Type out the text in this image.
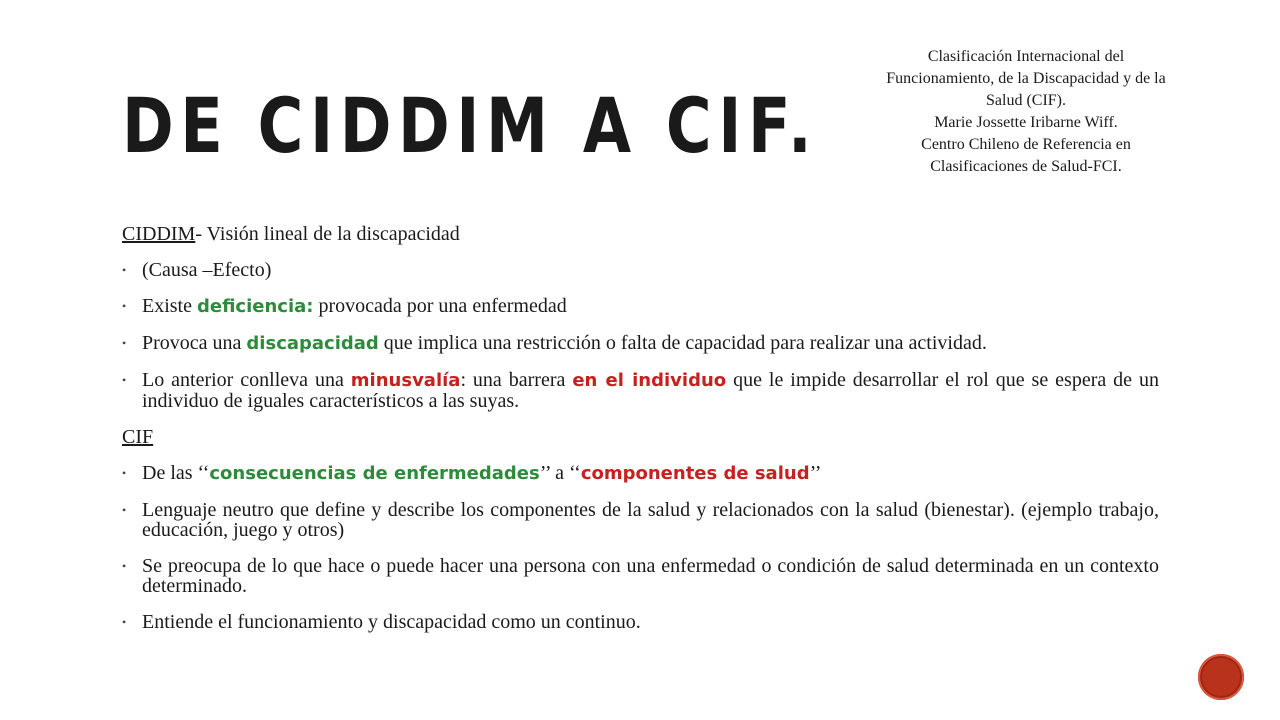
DE CIDDIM A CIF.
Clasificación Internacional del
Funcionamiento, de la Discapacidad y de la
Salud (CIF).
Marie Jossette Iribarne Wiff.
Centro Chileno de Referencia en
Clasificaciones de Salud-FCI.
CIDDIM- Visión lineal de la discapacidad
• (Causa –Efecto)
• Existe deficiencia: provocada por una enfermedad
• Provoca una discapacidad que implica una restricción o falta de capacidad para realizar una actividad.
• Lo anterior conlleva una minusvalía: una barrera en el individuo que le impide desarrollar el rol que se espera de un individuo de iguales característicos a las suyas.
CIF
• De las ‘‘consecuencias de enfermedades’’ a ‘‘componentes de salud’’
• Lenguaje neutro que define y describe los componentes de la salud y relacionados con la salud (bienestar). (ejemplo trabajo, educación, juego y otros)
• Se preocupa de lo que hace o puede hacer una persona con una enfermedad o condición de salud determinada en un contexto determinado.
• Entiende el funcionamiento y discapacidad como un continuo.
